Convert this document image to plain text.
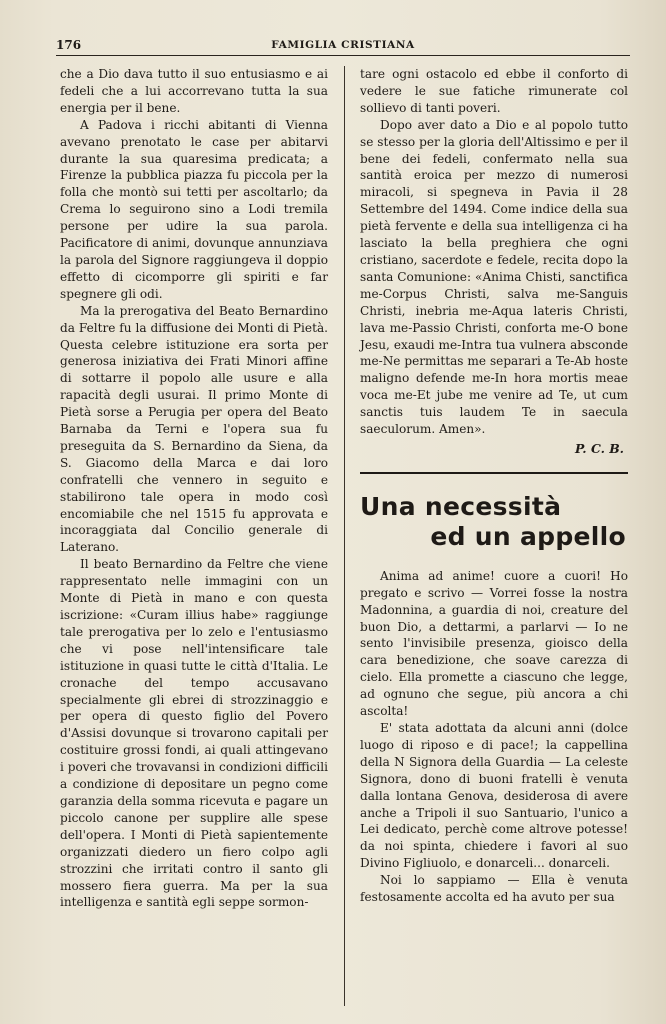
176	FAMIGLIA CRISTIANA

che a Dio dava tutto il suo entusiasmo e ai fedeli che a lui accorrevano tutta la sua energia per il bene.

A Padova i ricchi abitanti di Vienna avevano prenotato le case per abitarvi durante la sua quaresima predicata; a Firenze la pubblica piazza fu piccola per la folla che montò sui tetti per ascoltarlo; da Crema lo seguirono sino a Lodi tremila persone per udire la sua parola. Pacificatore di animi, dovunque annunziava la parola del Signore raggiungeva il doppio effetto di cicomporre gli spiriti e far spegnere gli odi.

Ma la prerogativa del Beato Bernardino da Feltre fu la diffusione dei Monti di Pietà. Questa celebre istituzione era sorta per generosa iniziativa dei Frati Minori affine di sottarre il popolo alle usure e alla rapacità degli usurai. Il primo Monte di Pietà sorse a Perugia per opera del Beato Barnaba da Terni e l'opera sua fu preseguita da S. Bernardino da Siena, da S. Giacomo della Marca e dai loro confratelli che vennero in seguito e stabilirono tale opera in modo così encomiabile che nel 1515 fu approvata e incoraggiata dal Concilio generale di Laterano.

Il beato Bernardino da Feltre che viene rappresentato nelle immagini con un Monte di Pietà in mano e con questa iscrizione: «Curam illius habe» raggiunge tale prerogativa per lo zelo e l'entusiasmo che vi pose nell'intensificare tale istituzione in quasi tutte le città d'Italia. Le cronache del tempo accusavano specialmente gli ebrei di strozzinaggio e per opera di questo figlio del Povero d'Assisi dovunque si trovarono capitali per costituire grossi fondi, ai quali attingevano i poveri che trovavansi in condizioni difficili a condizione di depositare un pegno come garanzia della somma ricevuta e pagare un piccolo canone per supplire alle spese dell'opera. I Monti di Pietà sapientemente organizzati diedero un fiero colpo agli strozzini che irritati contro il santo gli mossero fiera guerra. Ma per la sua intelligenza e santità egli seppe sormon-

tare ogni ostacolo ed ebbe il conforto di vedere le sue fatiche rimunerate col sollievo di tanti poveri.

Dopo aver dato a Dio e al popolo tutto se stesso per la gloria dell'Altissimo e per il bene dei fedeli, confermato nella sua santità eroica per mezzo di numerosi miracoli, si spegneva in Pavia il 28 Settembre del 1494. Come indice della sua pietà fervente e della sua intelligenza ci ha lasciato la bella preghiera che ogni cristiano, sacerdote e fedele, recita dopo la santa Comunione: «Anima Chisti, sanctifica me-Corpus Christi, salva me-Sanguis Christi, inebria me-Aqua lateris Christi, lava me-Passio Christi, conforta me-O bone Jesu, exaudi me-Intra tua vulnera absconde me-Ne permittas me separari a Te-Ab hoste maligno defende me-In hora mortis meae voca me-Et jube me venire ad Te, ut cum sanctis tuis laudem Te in saecula saeculorum. Amen».

P. C. B.
Una necessità
ed un appello

Anima ad anime! cuore a cuori! Ho pregato e scrivo — Vorrei fosse la nostra Madonnina, a guardia di noi, creature del buon Dio, a dettarmi, a parlarvi — Io ne sento l'invisibile presenza, gioisco della cara benedizione, che soave carezza di cielo. Ella promette a ciascuno che legge, ad ognuno che segue, più ancora a chi ascolta!

E' stata adottata da alcuni anni (dolce luogo di riposo e di pace!; la cappellina della N Signora della Guardia — La celeste Signora, dono di buoni fratelli è venuta dalla lontana Genova, desiderosa di avere anche a Tripoli il suo Santuario, l'unico a Lei dedicato, perchè come altrove potesse! da noi spinta, chiedere i favori al suo Divino Figliuolo, e donarceli... donarceli.

Noi lo sappiamo — Ella è venuta festosamente accolta ed ha avuto per sua
